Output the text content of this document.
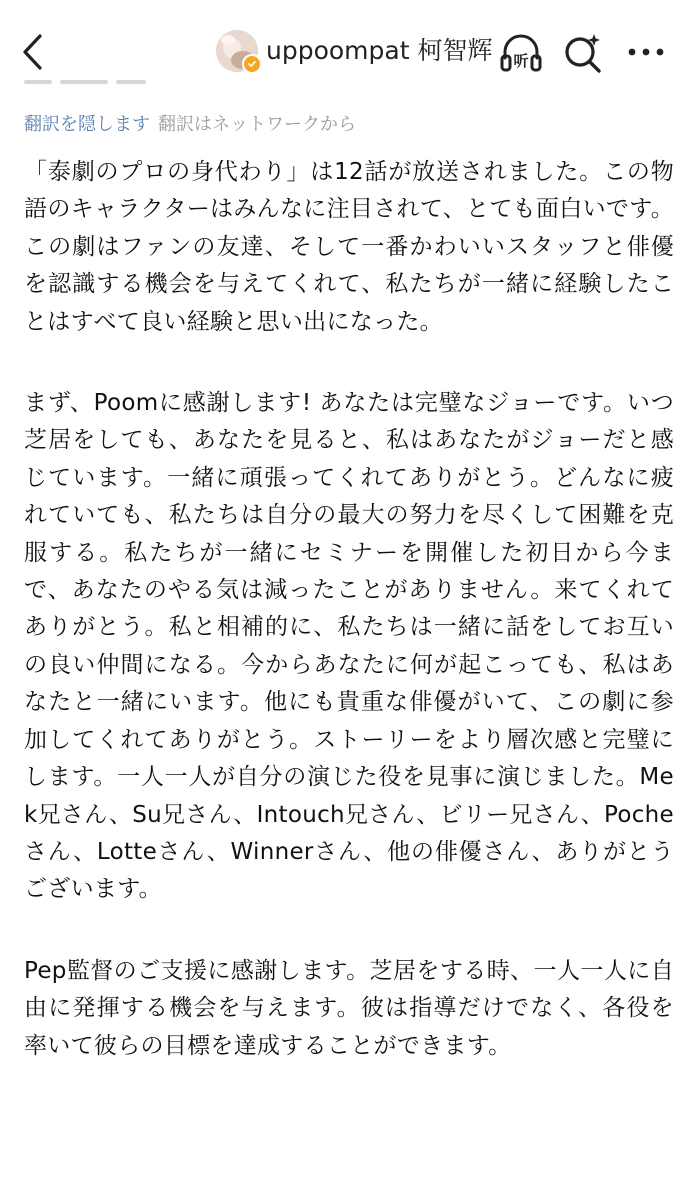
uppoompat 柯智辉 听
翻訳を隠します 翻訳はネットワークから

「泰劇のプロの身代わり」は12話が放送されました。この物語のキャラクターはみんなに注目されて、とても面白いです。この劇はファンの友達、そして一番かわいいスタッフと俳優を認識する機会を与えてくれて、私たちが一緒に経験したことはすべて良い経験と思い出になった。

まず、Poomに感謝します! あなたは完璧なジョーです。いつ芝居をしても、あなたを見ると、私はあなたがジョーだと感じています。一緒に頑張ってくれてありがとう。どんなに疲れていても、私たちは自分の最大の努力を尽くして困難を克服する。私たちが一緒にセミナーを開催した初日から今まで、あなたのやる気は減ったことがありません。来てくれてありがとう。私と相補的に、私たちは一緒に話をしてお互いの良い仲間になる。今からあなたに何が起こっても、私はあなたと一緒にいます。他にも貴重な俳優がいて、この劇に参加してくれてありがとう。ストーリーをより層次感と完璧にします。一人一人が自分の演じた役を見事に演じました。Mek兄さん、Su兄さん、Intouch兄さん、ビリー兄さん、Pocheさん、Lotteさん、Winnerさん、他の俳優さん、ありがとうございます。

Pep監督のご支援に感謝します。芝居をする時、一人一人に自由に発揮する機会を与えます。彼は指導だけでなく、各役を率いて彼らの目標を達成することができます。
